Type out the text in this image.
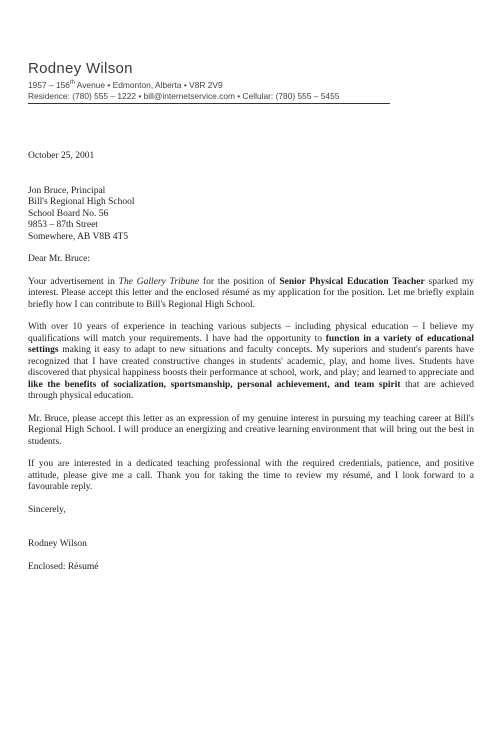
Rodney Wilson
1957 – 156th Avenue • Edmonton, Alberta • V8R 2V9
Residence: (780) 555 – 1222 • bill@internetservice.com • Cellular: (780) 555 – 5455

October 25, 2001

Jon Bruce, Principal
Bill's Regional High School
School Board No. 56
9853 – 87th Street
Somewhere, AB V8B 4T5

Dear Mr. Bruce:

Your advertisement in The Gallery Tribune for the position of Senior Physical Education Teacher sparked my interest. Please accept this letter and the enclosed résumé as my application for the position. Let me briefly explain briefly how I can contribute to Bill's Regional High School.

With over 10 years of experience in teaching various subjects – including physical education – I believe my qualifications will match your requirements. I have had the opportunity to function in a variety of educational settings making it easy to adapt to new situations and faculty concepts. My superiors and student's parents have recognized that I have created constructive changes in students' academic, play, and home lives. Students have discovered that physical happiness boosts their performance at school, work, and play; and learned to appreciate and like the benefits of socialization, sportsmanship, personal achievement, and team spirit that are achieved through physical education.

Mr. Bruce, please accept this letter as an expression of my genuine interest in pursuing my teaching career at Bill's Regional High School. I will produce an energizing and creative learning environment that will bring out the best in students.

If you are interested in a dedicated teaching professional with the required credentials, patience, and positive attitude, please give me a call. Thank you for taking the time to review my résumé, and I look forward to a favourable reply.

Sincerely,

Rodney Wilson

Enclosed: Résumé
